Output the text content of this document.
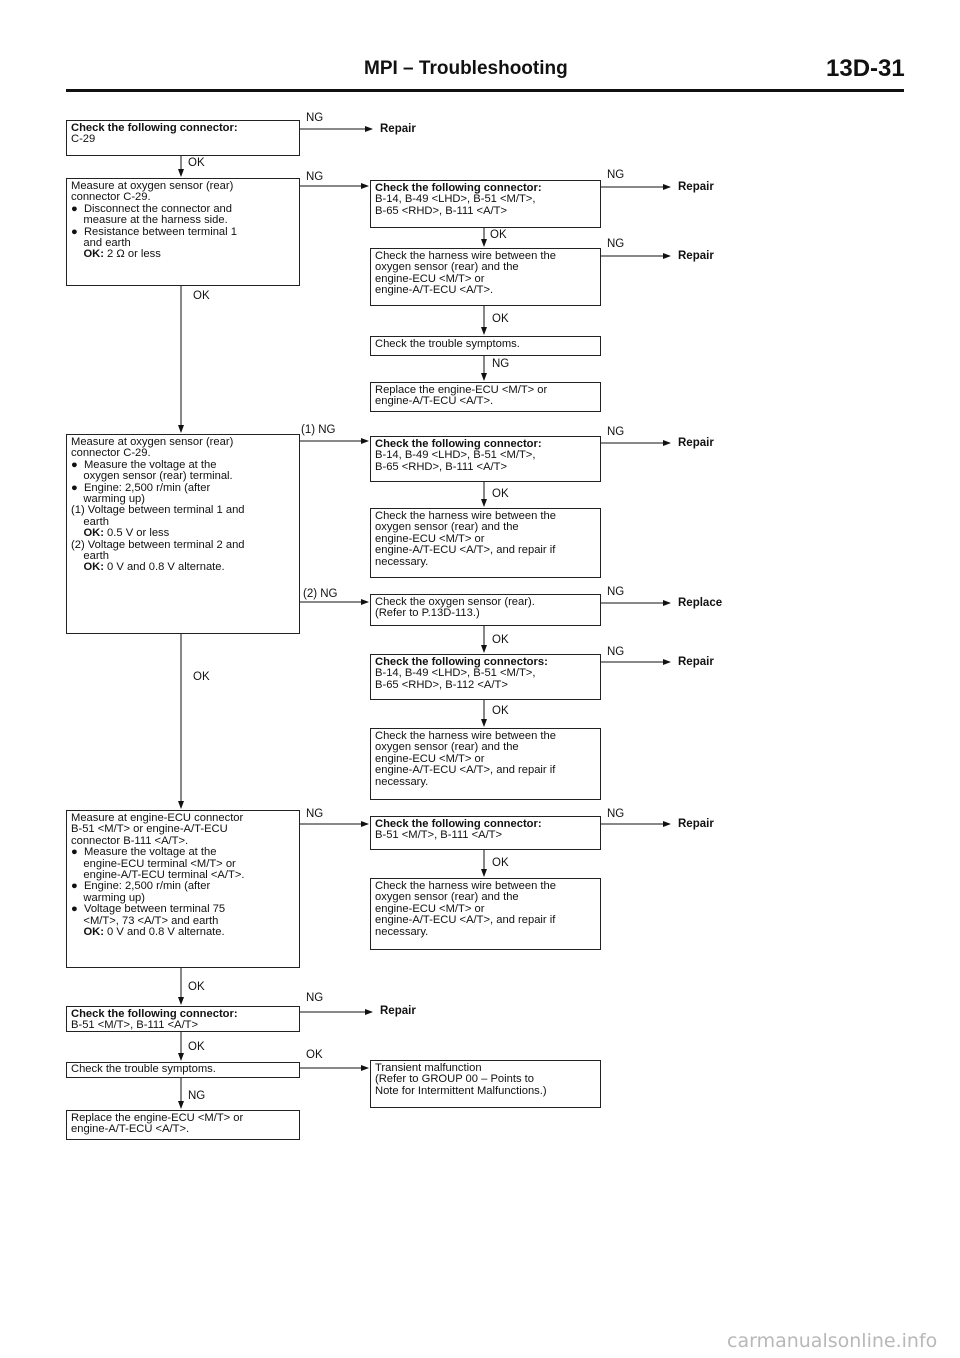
MPI – Troubleshooting	13D-31
Check the following connector:
C-29
Measure at oxygen sensor (rear)
connector C-29.
●  Disconnect the connector and
measure at the harness side.
●  Resistance between terminal 1
and earth
OK: 2 Ω or less
Measure at oxygen sensor (rear)
connector C-29.
●  Measure the voltage at the
oxygen sensor (rear) terminal.
●  Engine: 2,500 r/min (after
warming up)
(1) Voltage between terminal 1 and
earth
OK: 0.5 V or less
(2) Voltage between terminal 2 and
earth
OK: 0 V and 0.8 V alternate.
Measure at engine-ECU connector
B-51 <M/T> or engine-A/T-ECU
connector B-111 <A/T>.
●  Measure the voltage at the
engine-ECU terminal <M/T> or
engine-A/T-ECU terminal <A/T>.
●  Engine: 2,500 r/min (after
warming up)
●  Voltage between terminal 75
<M/T>, 73 <A/T> and earth
OK: 0 V and 0.8 V alternate.
Check the following connector:
B-51 <M/T>, B-111 <A/T>
Check the trouble symptoms.
Replace the engine-ECU <M/T> or
engine-A/T-ECU <A/T>.
Check the following connector:
B-14, B-49 <LHD>, B-51 <M/T>,
B-65 <RHD>, B-111 <A/T>
Check the harness wire between the
oxygen sensor (rear) and the
engine-ECU <M/T> or
engine-A/T-ECU <A/T>.
Check the trouble symptoms.
Replace the engine-ECU <M/T> or
engine-A/T-ECU <A/T>.
Check the following connector:
B-14, B-49 <LHD>, B-51 <M/T>,
B-65 <RHD>, B-111 <A/T>
Check the harness wire between the
oxygen sensor (rear) and the
engine-ECU <M/T> or
engine-A/T-ECU <A/T>, and repair if
necessary.
Check the oxygen sensor (rear).
(Refer to P.13D-113.)
Check the following connectors:
B-14, B-49 <LHD>, B-51 <M/T>,
B-65 <RHD>, B-112 <A/T>
Check the harness wire between the
oxygen sensor (rear) and the
engine-ECU <M/T> or
engine-A/T-ECU <A/T>, and repair if
necessary.
Check the following connector:
B-51 <M/T>, B-111 <A/T>
Check the harness wire between the
oxygen sensor (rear) and the
engine-ECU <M/T> or
engine-A/T-ECU <A/T>, and repair if
necessary.
Transient malfunction
(Refer to GROUP 00 – Points to
Note for Intermittent Malfunctions.)
OK
OK
OK
OK
OK
NG
NG
NG
(1) NG
(2) NG
NG
NG
OK
OK
OK
NG
OK
OK
OK
OK
NG
NG
NG
NG
NG
NG
Repair
Repair
Repair
Repair
Repair
Replace
Repair
Repair
carmanualsonline.info
